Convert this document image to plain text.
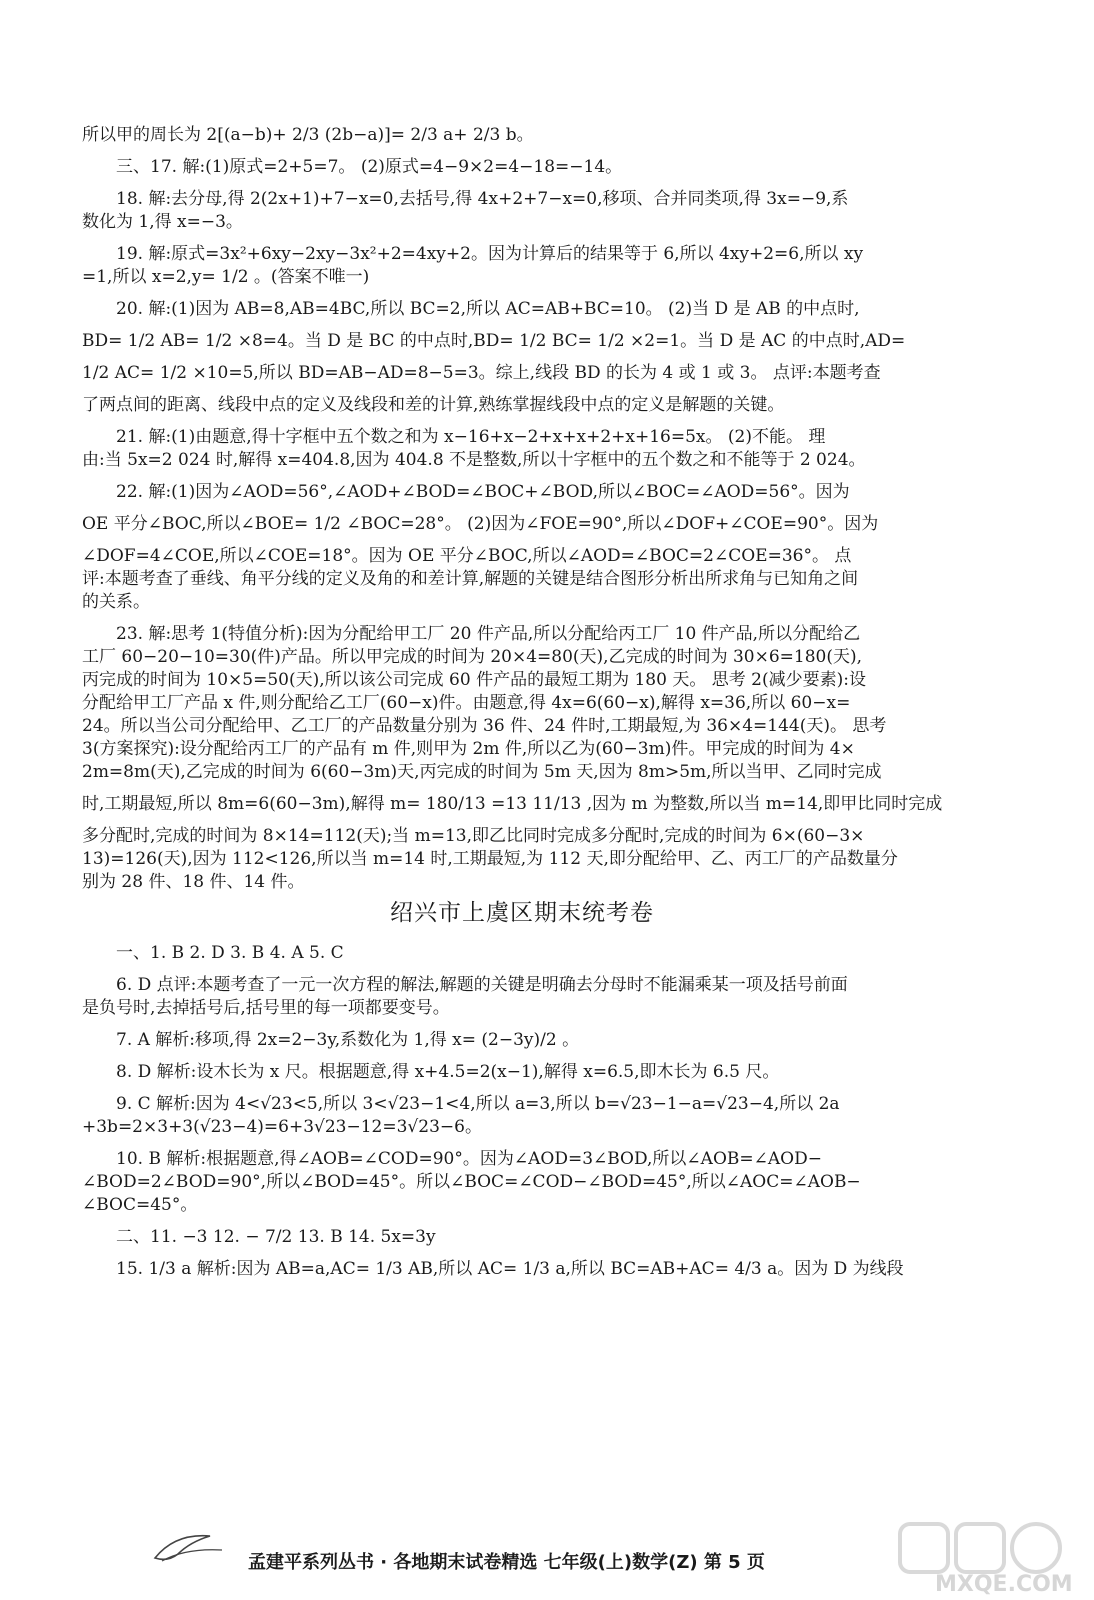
所以甲的周长为 2[(a−b)+ 2/3 (2b−a)]= 2/3 a+ 2/3 b。

三、17. 解:(1)原式=2+5=7。 (2)原式=4−9×2=4−18=−14。

18. 解:去分母,得 2(2x+1)+7−x=0,去括号,得 4x+2+7−x=0,移项、合并同类项,得 3x=−9,系

数化为 1,得 x=−3。

19. 解:原式=3x²+6xy−2xy−3x²+2=4xy+2。因为计算后的结果等于 6,所以 4xy+2=6,所以 xy

=1,所以 x=2,y= 1/2 。(答案不唯一)

20. 解:(1)因为 AB=8,AB=4BC,所以 BC=2,所以 AC=AB+BC=10。 (2)当 D 是 AB 的中点时,

BD= 1/2 AB= 1/2 ×8=4。当 D 是 BC 的中点时,BD= 1/2 BC= 1/2 ×2=1。当 D 是 AC 的中点时,AD=

1/2 AC= 1/2 ×10=5,所以 BD=AB−AD=8−5=3。综上,线段 BD 的长为 4 或 1 或 3。 点评:本题考查

了两点间的距离、线段中点的定义及线段和差的计算,熟练掌握线段中点的定义是解题的关键。

21. 解:(1)由题意,得十字框中五个数之和为 x−16+x−2+x+x+2+x+16=5x。 (2)不能。 理

由:当 5x=2 024 时,解得 x=404.8,因为 404.8 不是整数,所以十字框中的五个数之和不能等于 2 024。

22. 解:(1)因为∠AOD=56°,∠AOD+∠BOD=∠BOC+∠BOD,所以∠BOC=∠AOD=56°。因为

OE 平分∠BOC,所以∠BOE= 1/2 ∠BOC=28°。 (2)因为∠FOE=90°,所以∠DOF+∠COE=90°。因为

∠DOF=4∠COE,所以∠COE=18°。因为 OE 平分∠BOC,所以∠AOD=∠BOC=2∠COE=36°。 点

评:本题考查了垂线、角平分线的定义及角的和差计算,解题的关键是结合图形分析出所求角与已知角之间

的关系。

23. 解:思考 1(特值分析):因为分配给甲工厂 20 件产品,所以分配给丙工厂 10 件产品,所以分配给乙

工厂 60−20−10=30(件)产品。所以甲完成的时间为 20×4=80(天),乙完成的时间为 30×6=180(天),

丙完成的时间为 10×5=50(天),所以该公司完成 60 件产品的最短工期为 180 天。 思考 2(减少要素):设

分配给甲工厂产品 x 件,则分配给乙工厂(60−x)件。由题意,得 4x=6(60−x),解得 x=36,所以 60−x=

24。所以当公司分配给甲、乙工厂的产品数量分别为 36 件、24 件时,工期最短,为 36×4=144(天)。 思考

3(方案探究):设分配给丙工厂的产品有 m 件,则甲为 2m 件,所以乙为(60−3m)件。甲完成的时间为 4×

2m=8m(天),乙完成的时间为 6(60−3m)天,丙完成的时间为 5m 天,因为 8m>5m,所以当甲、乙同时完成

时,工期最短,所以 8m=6(60−3m),解得 m= 180/13 =13 11/13 ,因为 m 为整数,所以当 m=14,即甲比同时完成

多分配时,完成的时间为 8×14=112(天);当 m=13,即乙比同时完成多分配时,完成的时间为 6×(60−3×

13)=126(天),因为 112<126,所以当 m=14 时,工期最短,为 112 天,即分配给甲、乙、丙工厂的产品数量分

别为 28 件、18 件、14 件。

绍兴市上虞区期末统考卷

一、1. B 2. D 3. B 4. A 5. C

6. D 点评:本题考查了一元一次方程的解法,解题的关键是明确去分母时不能漏乘某一项及括号前面

是负号时,去掉括号后,括号里的每一项都要变号。

7. A 解析:移项,得 2x=2−3y,系数化为 1,得 x= (2−3y)/2 。

8. D 解析:设木长为 x 尺。根据题意,得 x+4.5=2(x−1),解得 x=6.5,即木长为 6.5 尺。

9. C 解析:因为 4<√23<5,所以 3<√23−1<4,所以 a=3,所以 b=√23−1−a=√23−4,所以 2a

+3b=2×3+3(√23−4)=6+3√23−12=3√23−6。

10. B 解析:根据题意,得∠AOB=∠COD=90°。因为∠AOD=3∠BOD,所以∠AOB=∠AOD−

∠BOD=2∠BOD=90°,所以∠BOD=45°。所以∠BOC=∠COD−∠BOD=45°,所以∠AOC=∠AOB−

∠BOC=45°。

二、11. −3 12. − 7/2 13. B 14. 5x=3y

15. 1/3 a 解析:因为 AB=a,AC= 1/3 AB,所以 AC= 1/3 a,所以 BC=AB+AC= 4/3 a。因为 D 为线段

孟建平系列丛书 · 各地期末试卷精选 七年级(上)数学(Z) 第 5 页
MXQE.COM
